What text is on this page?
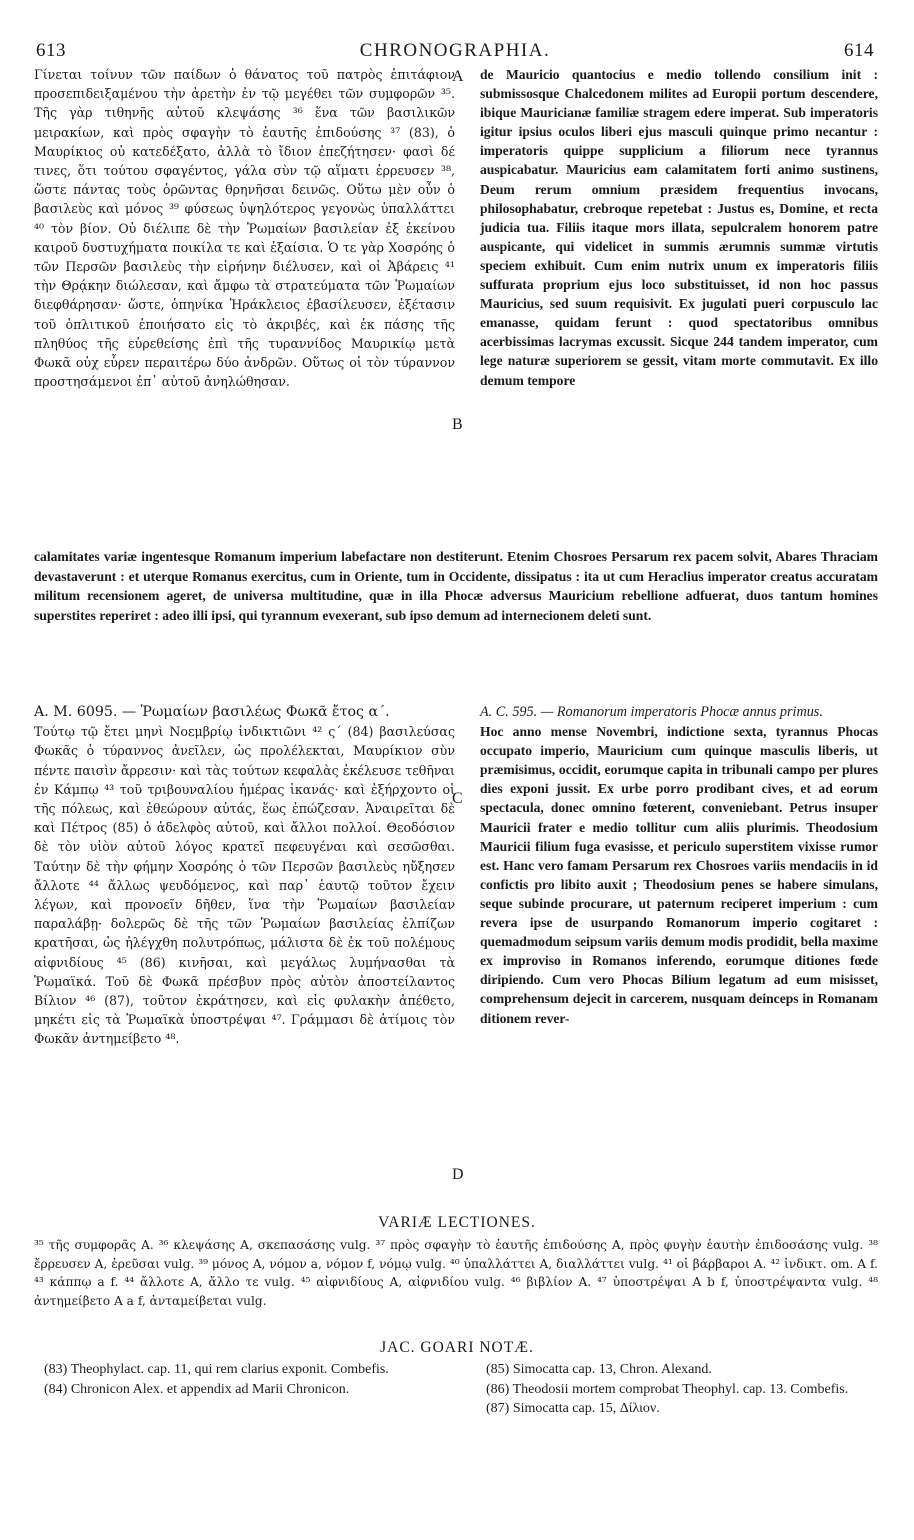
613	CHRONOGRAPHIA.	614
A
B
C
D

Γίνεται τοίνυν τῶν παίδων ὁ θάνατος τοῦ πατρὸς ἐπιτάφιον προσεπιδειξαμένου τὴν ἀρετὴν ἐν τῷ μεγέθει τῶν συμφορῶν ³⁵. Τῆς γὰρ τιθηνῆς αὐτοῦ κλεψάσης ³⁶ ἕνα τῶν βασιλικῶν μειρακίων, καὶ πρὸς σφαγὴν τὸ ἑαυτῆς ἐπιδούσης ³⁷ (83), ὁ Μαυρίκιος οὐ κατεδέξατο, ἀλλὰ τὸ ἴδιον ἐπεζήτησεν· φασὶ δέ τινες, ὅτι τούτου σφαγέντος, γάλα σὺν τῷ αἵματι ἐρρευσεν ³⁸, ὥστε πάντας τοὺς ὁρῶντας θρηνῆσαι δεινῶς. Οὕτω μὲν οὖν ὁ βασιλεὺς καὶ μόνος ³⁹ φύσεως ὑψηλότερος γεγονὼς ὑπαλλάττει ⁴⁰ τὸν βίον. Οὐ διέλιπε δὲ τὴν Ῥωμαίων βασιλείαν ἐξ ἐκείνου καιροῦ δυστυχήματα ποικίλα τε καὶ ἐξαίσια. Ὁ τε γὰρ Χοσρόης ὁ τῶν Περσῶν βασιλεὺς τὴν εἰρήνην διέλυσεν, καὶ οἱ Ἀβάρεις ⁴¹ τὴν Θρᾴκην διώλεσαν, καὶ ἄμφω τὰ στρατεύματα τῶν Ῥωμαίων διεφθάρησαν· ὥστε, ὁπηνίκα Ἡράκλειος ἐβασίλευσεν, ἐξέτασιν τοῦ ὁπλιτικοῦ ἐποιήσατο εἰς τὸ ἀκριβές, καὶ ἐκ πάσης τῆς πληθύος τῆς εὑρεθείσης ἐπὶ τῆς τυραννίδος Μαυρικίῳ μετὰ Φωκᾶ οὐχ εὗρεν περαιτέρω δύο ἀνδρῶν. Οὕτως οἱ τὸν τύραννον προστησάμενοι ἐπ᾿ αὐτοῦ ἀνηλώθησαν.

de Mauricio quantocius e medio tollendo consilium init : submissosque Chalcedonem milites ad Europii portum descendere, ibique Mauricianæ familiæ stragem edere imperat. Sub imperatoris igitur ipsius oculos liberi ejus masculi quinque primo necantur : imperatoris quippe supplicium a filiorum nece tyrannus auspicabatur. Mauricius eam calamitatem forti animo sustinens, Deum rerum omnium præsidem frequentius invocans, philosophabatur, crebroque repetebat : Justus es, Domine, et recta judicia tua. Filiis itaque mors illata, sepulcralem honorem patre auspicante, qui videlicet in summis ærumnis summæ virtutis speciem exhibuit. Cum enim nutrix unum ex imperatoris filiis suffurata proprium ejus loco substituisset, id non hoc passus Mauricius, sed suum requisivit. Ex jugulati pueri corpusculo lac emanasse, quidam ferunt : quod spectatoribus omnibus acerbissimas lacrymas excussit. Sicque 244 tandem imperator, cum lege naturæ superiorem se gessit, vitam morte commutavit. Ex illo demum tempore

calamitates variæ ingentesque Romanum imperium labefactare non destiterunt. Etenim Chosroes Persarum rex pacem solvit, Abares Thraciam devastaverunt : et uterque Romanus exercitus, cum in Oriente, tum in Occidente, dissipatus : ita ut cum Heraclius imperator creatus accuratam militum recensionem ageret, de universa multitudine, quæ in illa Phocæ adversus Mauricium rebellione adfuerat, duos tantum homines superstites reperiret : adeo illi ipsi, qui tyrannum evexerant, sub ipso demum ad internecionem deleti sunt.

A. M. 6095. — Ῥωμαίων βασιλέως Φωκᾶ ἔτος α΄.

Τούτῳ τῷ ἔτει μηνὶ Νοεμβρίῳ ἰνδικτιῶνι ⁴² ς΄ (84) βασιλεύσας Φωκᾶς ὁ τύραννος ἀνεῖλεν, ὡς προλέλεκται, Μαυρίκιον σὺν πέντε παισὶν ἄρρεσιν· καὶ τὰς τούτων κεφαλὰς ἐκέλευσε τεθῆναι ἐν Κάμπῳ ⁴³ τοῦ τριβουναλίου ἡμέρας ἱκανάς· καὶ ἐξήρχοντο οἱ τῆς πόλεως, καὶ ἐθεώρουν αὐτάς, ἕως ἐπώζεσαν. Ἀναιρεῖται δὲ καὶ Πέτρος (85) ὁ ἀδελφὸς αὐτοῦ, καὶ ἄλλοι πολλοί. Θεοδόσιον δὲ τὸν υἱὸν αὐτοῦ λόγος κρατεῖ πεφευγέναι καὶ σεσῶσθαι. Ταύτην δὲ τὴν φήμην Χοσρόης ὁ τῶν Περσῶν βασιλεὺς ηὔξησεν ἄλλοτε ⁴⁴ ἄλλως ψευδόμενος, καὶ παρ᾿ ἑαυτῷ τοῦτον ἔχειν λέγων, καὶ προνοεῖν δῆθεν, ἵνα τὴν Ῥωμαίων βασιλείαν παραλάβῃ· δολερῶς δὲ τῆς τῶν Ῥωμαίων βασιλείας ἐλπίζων κρατῆσαι, ὡς ἠλέγχθη πολυτρόπως, μάλιστα δὲ ἐκ τοῦ πολέμους αἰφνιδίους ⁴⁵ (86) κινῆσαι, καὶ μεγάλως λυμήνασθαι τὰ Ῥωμαϊκά. Τοῦ δὲ Φωκᾶ πρέσβυν πρὸς αὐτὸν ἀποστείλαντος Βίλιον ⁴⁶ (87), τοῦτον ἐκράτησεν, καὶ εἰς φυλακὴν ἀπέθετο, μηκέτι εἰς τὰ Ῥωμαϊκὰ ὑποστρέψαι ⁴⁷. Γράμμασι δὲ ἀτίμοις τὸν Φωκᾶν ἀντημείβετο ⁴⁸.

A. C. 595. — Romanorum imperatoris Phocæ annus primus.

Hoc anno mense Novembri, indictione sexta, tyrannus Phocas occupato imperio, Mauricium cum quinque masculis liberis, ut præmisimus, occidit, eorumque capita in tribunali campo per plures dies exponi jussit. Ex urbe porro prodibant cives, et ad eorum spectacula, donec omnino fœterent, conveniebant. Petrus insuper Mauricii frater e medio tollitur cum aliis plurimis. Theodosium Mauricii filium fuga evasisse, et periculo superstitem vixisse rumor est. Hanc vero famam Persarum rex Chosroes variis mendaciis in id confictis pro libito auxit ; Theodosium penes se habere simulans, seque subinde procurare, ut paternum reciperet imperium : cum revera ipse de usurpando Romanorum imperio cogitaret : quemadmodum seipsum variis demum modis prodidit, bella maxime ex improviso in Romanos inferendo, eorumque ditiones fœde diripiendo. Cum vero Phocas Bilium legatum ad eum misisset, comprehensum dejecit in carcerem, nusquam deinceps in Romanam ditionem rever-

VARIÆ LECTIONES.
³⁵ τῆς συμφορᾶς A. ³⁶ κλεψάσης A, σκεπασάσης vulg. ³⁷ πρὸς σφαγὴν τὸ ἑαυτῆς ἐπιδούσης A, πρὸς φυγὴν ἑαυτὴν ἐπιδοσάσης vulg. ³⁸ ἔρρευσεν A, ἐρεῦσαι vulg. ³⁹ μόνος A, νόμον a, νόμον f, νόμῳ vulg. ⁴⁰ ὑπαλλάττει A, διαλλάττει vulg. ⁴¹ οἱ βάρβαροι A. ⁴² ἰνδικτ. om. A f. ⁴³ κάππῳ a f. ⁴⁴ ἄλλοτε A, ἄλλο τε vulg. ⁴⁵ αἰφνιδίους A, αἰφνιδίου vulg. ⁴⁶ βιβλίον A. ⁴⁷ ὑποστρέψαι A b f, ὑποστρέψαντα vulg. ⁴⁸ ἀντημείβετο A a f, ἀνταμείβεται vulg.
JAC. GOARI NOTÆ.

(83) Theophylact. cap. 11, qui rem clarius exponit. Combefis.

(84) Chronicon Alex. et appendix ad Marii Chronicon.

(85) Simocatta cap. 13, Chron. Alexand.

(86) Theodosii mortem comprobat Theophyl. cap. 13. Combefis.

(87) Simocatta cap. 15, Δίλιον.
